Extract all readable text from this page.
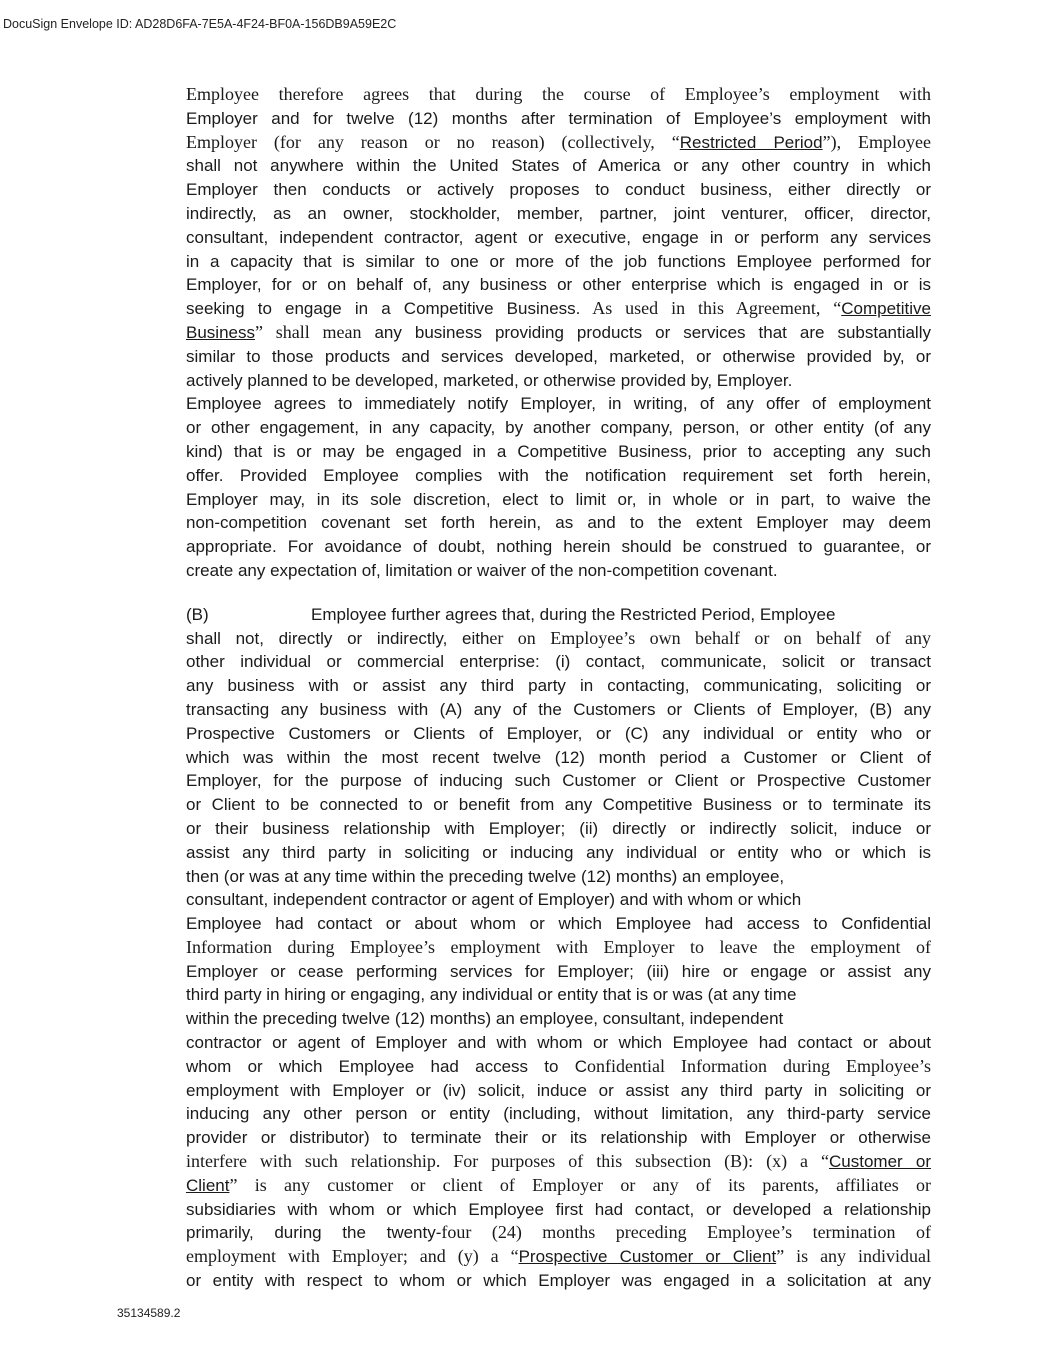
DocuSign Envelope ID: AD28D6FA-7E5A-4F24-BF0A-156DB9A59E2C
Employee therefore agrees that during the course of Employee’s employment with
Employer and for twelve (12) months after termination of Employee’s employment with
Employer (for any reason or no reason) (collectively, “Restricted Period”), Employee
shall not anywhere within the United States of America or any other country in which
Employer then conducts or actively proposes to conduct business, either directly or
indirectly, as an owner, stockholder, member, partner, joint venturer, officer, director,
consultant, independent contractor, agent or executive, engage in or perform any services
in a capacity that is similar to one or more of the job functions Employee performed for
Employer, for or on behalf of, any business or other enterprise which is engaged in or is
seeking to engage in a Competitive Business. As used in this Agreement, “Competitive
Business” shall mean any business providing products or services that are substantially
similar to those products and services developed, marketed, or otherwise provided by, or
actively planned to be developed, marketed, or otherwise provided by, Employer.
Employee agrees to immediately notify Employer, in writing, of any offer of employment
or other engagement, in any capacity, by another company, person, or other entity (of any
kind) that is or may be engaged in a Competitive Business, prior to accepting any such
offer. Provided Employee complies with the notification requirement set forth herein,
Employer may, in its sole discretion, elect to limit or, in whole or in part, to waive the
non-competition covenant set forth herein, as and to the extent Employer may deem
appropriate. For avoidance of doubt, nothing herein should be construed to guarantee, or
create any expectation of, limitation or waiver of the non-competition covenant.
(B)	Employee further agrees that, during the Restricted Period, Employee
shall not, directly or indirectly, either on Employee’s own behalf or on behalf of any
other individual or commercial enterprise: (i) contact, communicate, solicit or transact
any business with or assist any third party in contacting, communicating, soliciting or
transacting any business with (A) any of the Customers or Clients of Employer, (B) any
Prospective Customers or Clients of Employer, or (C) any individual or entity who or
which was within the most recent twelve (12) month period a Customer or Client of
Employer, for the purpose of inducing such Customer or Client or Prospective Customer
or Client to be connected to or benefit from any Competitive Business or to terminate its
or their business relationship with Employer; (ii) directly or indirectly solicit, induce or
assist any third party in soliciting or inducing any individual or entity who or which is
then (or was at any time within the preceding twelve (12) months) an employee,
consultant, independent contractor or agent of Employer) and with whom or which
Employee had contact or about whom or which Employee had access to Confidential
Information during Employee’s employment with Employer to leave the employment of
Employer or cease performing services for Employer; (iii) hire or engage or assist any
third party in hiring or engaging, any individual or entity that is or was (at any time
within the preceding twelve (12) months) an employee, consultant, independent
contractor or agent of Employer and with whom or which Employee had contact or about
whom or which Employee had access to Confidential Information during Employee’s
employment with Employer or (iv) solicit, induce or assist any third party in soliciting or
inducing any other person or entity (including, without limitation, any third-party service
provider or distributor) to terminate their or its relationship with Employer or otherwise
interfere with such relationship. For purposes of this subsection (B): (x) a “Customer or
Client” is any customer or client of Employer or any of its parents, affiliates or
subsidiaries with whom or which Employee first had contact, or developed a relationship
primarily, during the twenty-four (24) months preceding Employee’s termination of
employment with Employer; and (y) a “Prospective Customer or Client” is any individual
or entity with respect to whom or which Employer was engaged in a solicitation at any
35134589.2
